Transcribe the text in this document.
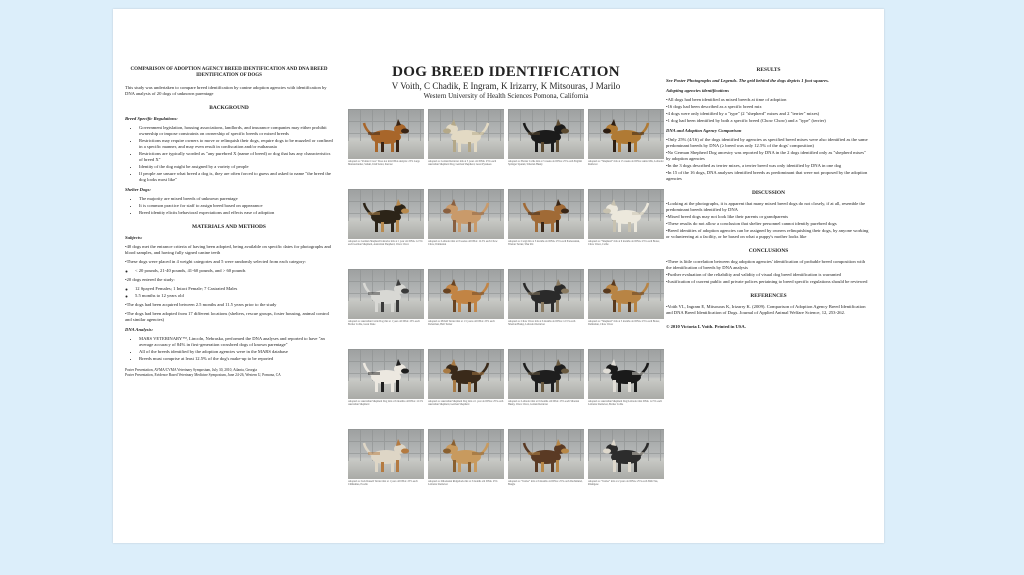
COMPARISON OF ADOPTION AGENCY BREED IDENTIFICATION AND DNA BREED IDENTIFICATION OF DOGS

This study was undertaken to compare breed identification by canine adoption agencies with identification by DNA analysis of 20 dogs of unknown parentage

BACKGROUND
Breed Specific Regulations:
• Government legislation, housing associations, landlords, and insurance companies may either prohibit ownership or impose constraints on ownership of specific breeds or mixed breeds
• Restrictions may require owners to move or relinquish their dogs, require dogs to be muzzled or confined in a specific manner, and may even result in confiscation and/or euthanasia
• Restrictions are typically worded as "any purebred X (name of breed) or dog that has any characteristics of breed X"
• Identity of the dog might be assigned by a variety of people
• If people are unsure what breed a dog is, they are often forced to guess and asked to name "the breed the dog looks most like"
Shelter Dogs:
• The majority are mixed breeds of unknown parentage
• It is common practice for staff to assign breed based on appearance
• Breed identity elicits behavioral expectations and effects ease of adoption
MATERIALS AND METHODS
Subjects:

•40 dogs met the entrance criteria of having been adopted, being available on specific dates for photographs and blood samples, and having fully signed canine teeth

•These dogs were placed in 4 weight categories and 5 were randomly selected from each category:

◦ < 20 pounds, 21-40 pounds, 41-60 pounds, and > 60 pounds

•20 dogs entered the study:

◦ 12 Spayed Females; 1 Intact Female; 7 Castrated Males
◦ 5.5 months to 12 years old

•The dogs had been acquired between 2.5 months and 11.5 years prior to the study

•The dogs had been adopted from 17 different locations (shelters, rescue groups, foster housing, animal control and similar agencies)

DNA Analysis:
• MARS VETERINARY™, Lincoln, Nebraska, performed the DNA analyses and reported to have "an average accuracy of 84% in first-generation crossbred dogs of known parentage"
• All of the breeds identified by the adoption agencies were in the MARS database
• Breeds must comprise at least 12.5% of the dog's make-up to be reported
Poster Presentation, AVMA/CVMA Veterinary Symposium, July 30, 2010, Atlanta, Georgia
Poster Presentation, Evidence Based Veterinary Medicine Symposium, June 24-26, Western U, Pomona, CA
DOG BREED IDENTIFICATION
V Voith, C Chadik, E Ingram, K Irizarry, K Mitsouras, J Marilo
Western University of Health Sciences Pomona, California
Adopted as: "Pointer Cross" Does not mix DNA analysis: 25% Large Munsterlander, Saluki, Irish Setter, Kuvasz
Adopted as: Golden Retriever mix at 5 years old DNA: 25% each Australian Shepherd Dog, German Shepherd, Great Pyrenees
Adopted as: Border Collie mix at 3 weeks old DNA: 25% each English Springer Spaniel, Siberian Husky
Adopted as: "Shepherd" mix at 15 weeks old DNA: Akita Mix, Labrador Retriever
Adopted as: German Shepherd/Labrador mix at 1 year old DNA: 12.5% each German Shepherd, Australian Shepherd, Chow Chow
Adopted as: Labrador mix at 8 weeks old DNA: 12.5% each Chow Chow, Dalmatian
Adopted as: Corgi mix at 3 months old DNA: 25% each Pomeranian, Tibetan Terrier, Shar Pei
Adopted as: "Shepherd" mix at 9 months old DNA: 25% each Boxer, Chow Chow, Collie
Adopted as: Australian Cattle Dog mix at 1 year old DNA: 25% each Border Collie, Great Dane
Adopted as: Pitbull Terrier mix at 1.5 years old DNA: 25% each Doberman, Bull Terrier
Adopted as: Chow Chow mix at 6 months old DNA: 12.5% each Siberian Husky, Labrador Retriever
Adopted as: "Shepherd" mix at 5 months old DNA: 25% each Boxer, Dalmatian, Chow Chow
Adopted as: Australian Shepherd Dog mix at 6 months old DNA: 12.5% Australian Shepherd
Adopted as: Australian Shepherd Dog mix at 1 year old DNA: 25% each Australian Shepherd, German Shepherd
Adopted as: Labrador mix at 6 months old DNA: 25% each Siberian Husky, Chow Chow, Golden Retriever
Adopted as: Australian Shepherd Dog/Labrador mix DNA: 12.5% each Labrador Retriever, Border Collie
Adopted as: Jack Russell Terrier mix at 1 year old DNA: 25% each Chihuahua, Poodle
Adopted as: Rhodesian Ridgeback mix at 3 months old DNA: 25% Labrador Retriever
Adopted as: "Terrier" mix at 6 months old DNA: 25% each Dachshund, Beagle
Adopted as: "Terrier" mix at 2 years old DNA: 25% each Shih Tzu, Pekingese
RESULTS

See Poster Photographs and Legends. The grid behind the dogs depicts 1 foot squares.

Adopting agencies identifications
•All dogs had been identified as mixed breeds at time of adoption
•16 dogs had been described as a specific breed mix
•4 dogs were only identified by a "type" (2 "shepherd" mixes and 2 "terrier" mixes)
•1 dog had been identified by both a specific breed (Chow Chow) and a "type" (terrier)
DNA and Adoption Agency Comparison
•Only 25% (4/16) of the dogs identified by agencies as specified breed mixes were also identified as the same predominant breeds by DNA (≥ breed was only 12.5% of the dogs' composition)
•No German Shepherd Dog ancestry was reported by DNA in the 2 dogs identified only as "shepherd mixes" by adoption agencies
•In the 3 dogs described as terrier mixes, a terrier breed was only identified by DNA in one dog
•In 15 of the 16 dogs, DNA analyses identified breeds as predominant that were not proposed by the adoption agencies
DISCUSSION
•Looking at the photographs, it is apparent that many mixed breed dogs do not closely, if at all, resemble the predominant breeds identified by DNA
•Mixed breed dogs may not look like their parents or grandparents
•These results do not allow a conclusion that shelter personnel cannot identify purebred dogs
•Breed identities of adoption agencies can be assigned by owners relinquishing their dogs, by anyone working or volunteering at a facility, or be based on what a puppy's mother looks like
CONCLUSIONS
•There is little correlation between dog adoption agencies' identification of probable breed composition with the identification of breeds by DNA analysis
•Further evaluation of the reliability and validity of visual dog breed identification is warranted
•Justification of current public and private polices pertaining to breed specific regulations should be reviewed
REFERENCES

•Voith VL, Ingram E, Mitsouras K, Irizarry K. (2009). Comparison of Adoption Agency Breed Identification and DNA Breed Identification of Dogs. Journal of Applied Animal Welfare Science, 12, 253-262.

© 2010 Victoria L Voith. Printed in USA.
